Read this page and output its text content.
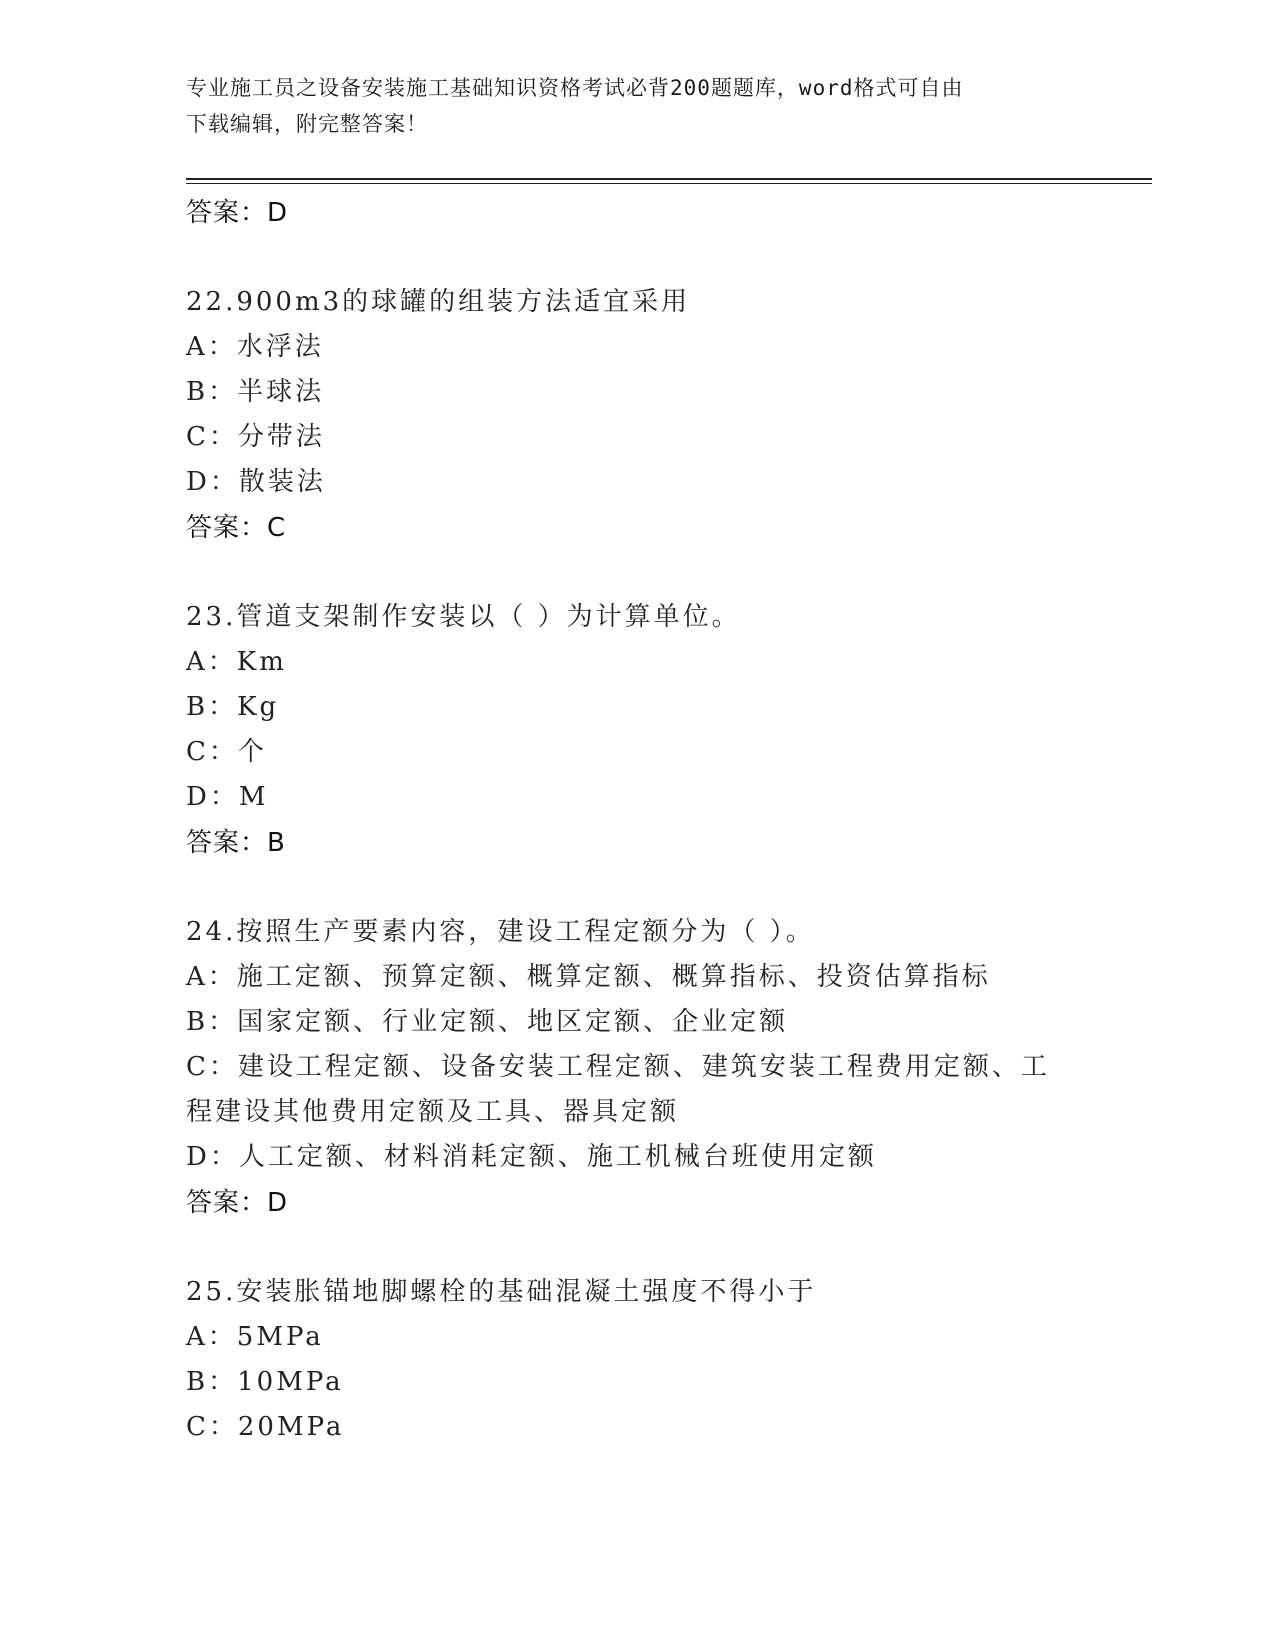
专业施工员之设备安装施工基础知识资格考试必背200题题库，word格式可自由
下载编辑，附完整答案！
答案：D
22.900m3的球罐的组装方法适宜采用
A：水浮法
B：半球法
C：分带法
D：散装法
答案：C
23.管道支架制作安装以（ ）为计算单位。
A：Km
B：Kg
C：个
D：M
答案：B
24.按照生产要素内容，建设工程定额分为（ ）。
A：施工定额、预算定额、概算定额、概算指标、投资估算指标
B：国家定额、行业定额、地区定额、企业定额
C：建设工程定额、设备安装工程定额、建筑安装工程费用定额、工程建设其他费用定额及工具、器具定额
D：人工定额、材料消耗定额、施工机械台班使用定额
答案：D
25.安装胀锚地脚螺栓的基础混凝土强度不得小于
A：5MPa
B：10MPa
C：20MPa
